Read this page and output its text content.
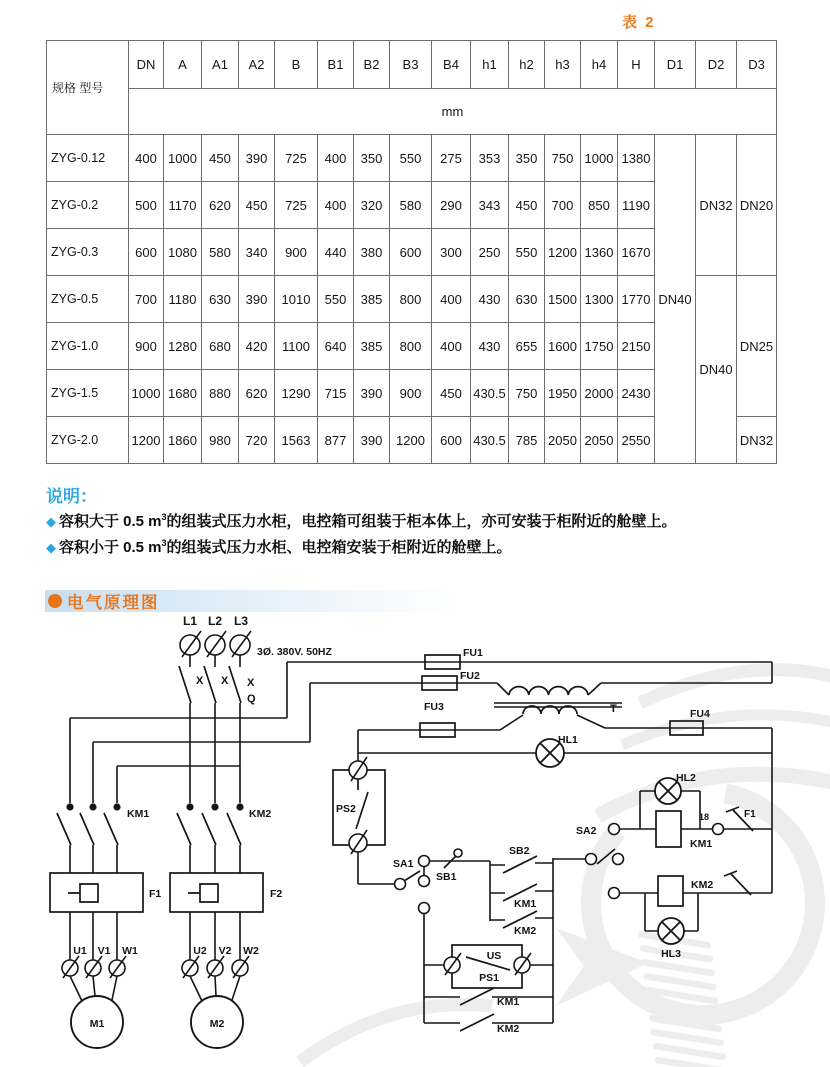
表 2
规格 型号	DN	A	A1	A2	B	B1	B2	B3	B4	h1	h2	h3	h4	H	D1	D2	D3
	mm																
ZYG-0.12	400	1000	450	390	725	400	350	550	275	353	350	750	1000	1380	DN40	DN32	DN20
ZYG-0.2	500	1170	620	450	725	400	320	580	290	343	450	700	850	1190			
ZYG-0.3	600	1080	580	340	900	440	380	600	300	250	550	1200	1360	1670			
ZYG-0.5	700	1180	630	390	1010	550	385	800	400	430	630	1500	1300	1770		DN40	DN25
ZYG-1.0	900	1280	680	420	1100	640	385	800	400	430	655	1600	1750	2150			
ZYG-1.5	1000	1680	880	620	1290	715	390	900	450	430.5	750	1950	2000	2430			
ZYG-2.0	1200	1860	980	720	1563	877	390	1200	600	430.5	785	2050	2050	2550			DN32
说明：
◆ 容积大于 0.5 $m^3$的组装式压力水柜，电控箱可组装于柜本体上，亦可安装于柜附近的舱壁上。
◆ 容积小于 0.5 $m^3$的组装式压力水柜、电控箱安装于柜附近的舱壁上。
电气原理图
L1 L2 L3
3Ø. 380V. 50HZ
X X X
Q
KM1	KM2
F1	F2
U1 V1 W1	U2 V2 W2
M1	M2
FU1
FU2
FU3
FU4
T
HL1
HL2
HL3
PS2
SA1
SB1
SB2
KM1
KM2
SA2
18
KM1
F1
KM2
US
PS1
KM1
KM2
